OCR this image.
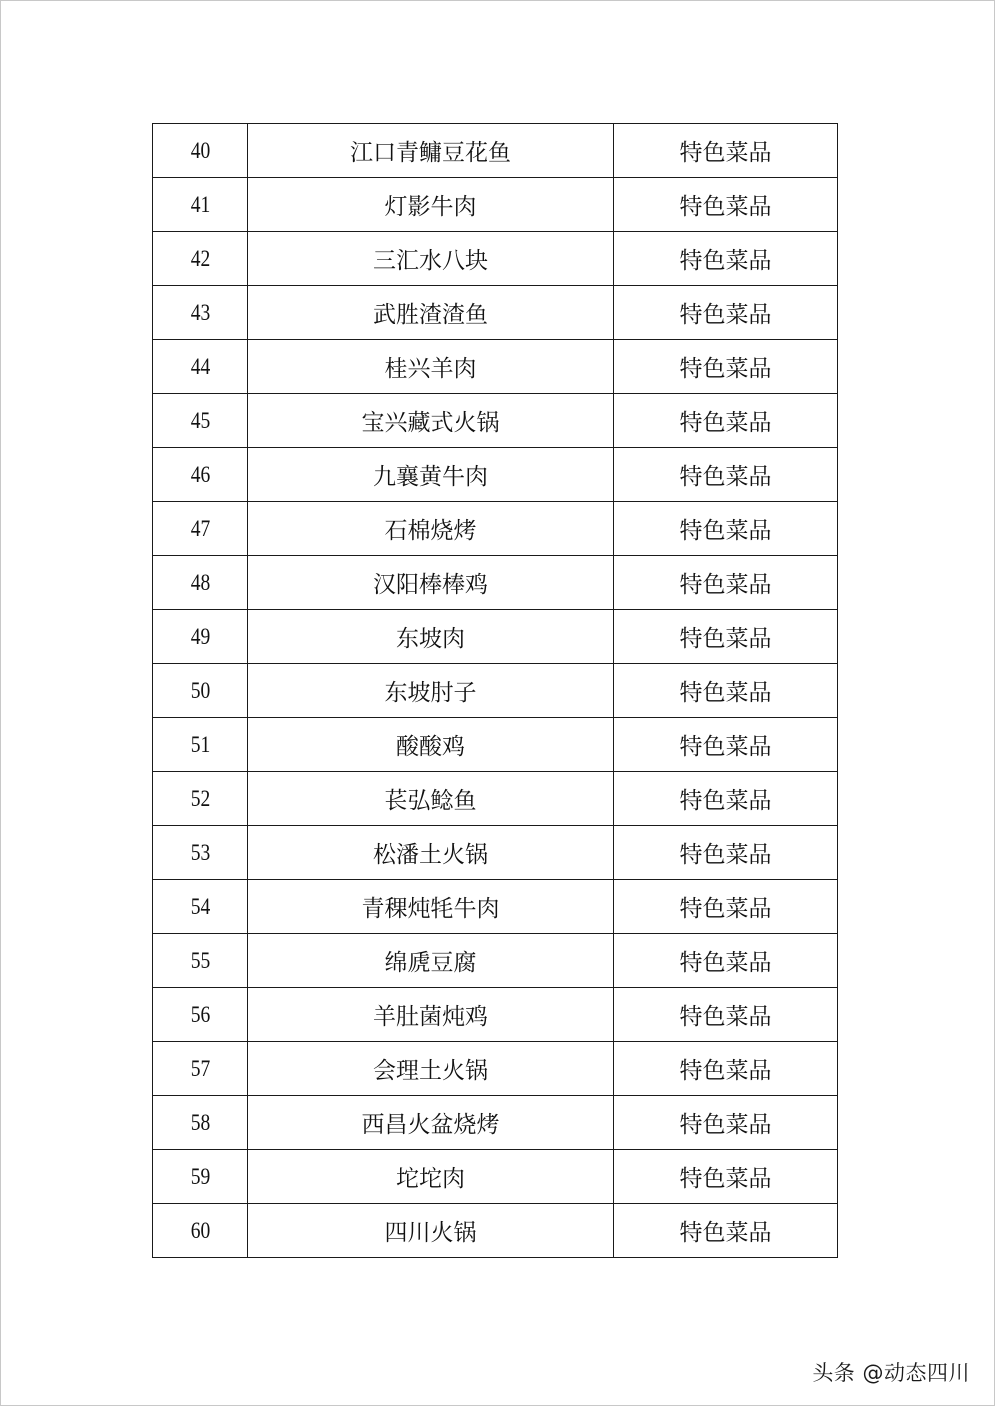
40	江口青鳙豆花鱼	特色菜品
41	灯影牛肉	特色菜品
42	三汇水八块	特色菜品
43	武胜渣渣鱼	特色菜品
44	桂兴羊肉	特色菜品
45	宝兴藏式火锅	特色菜品
46	九襄黄牛肉	特色菜品
47	石棉烧烤	特色菜品
48	汉阳棒棒鸡	特色菜品
49	东坡肉	特色菜品
50	东坡肘子	特色菜品
51	酸酸鸡	特色菜品
52	苌弘鲶鱼	特色菜品
53	松潘土火锅	特色菜品
54	青稞炖牦牛肉	特色菜品
55	绵虒豆腐	特色菜品
56	羊肚菌炖鸡	特色菜品
57	会理土火锅	特色菜品
58	西昌火盆烧烤	特色菜品
59	坨坨肉	特色菜品
60	四川火锅	特色菜品
头条 @动态四川
